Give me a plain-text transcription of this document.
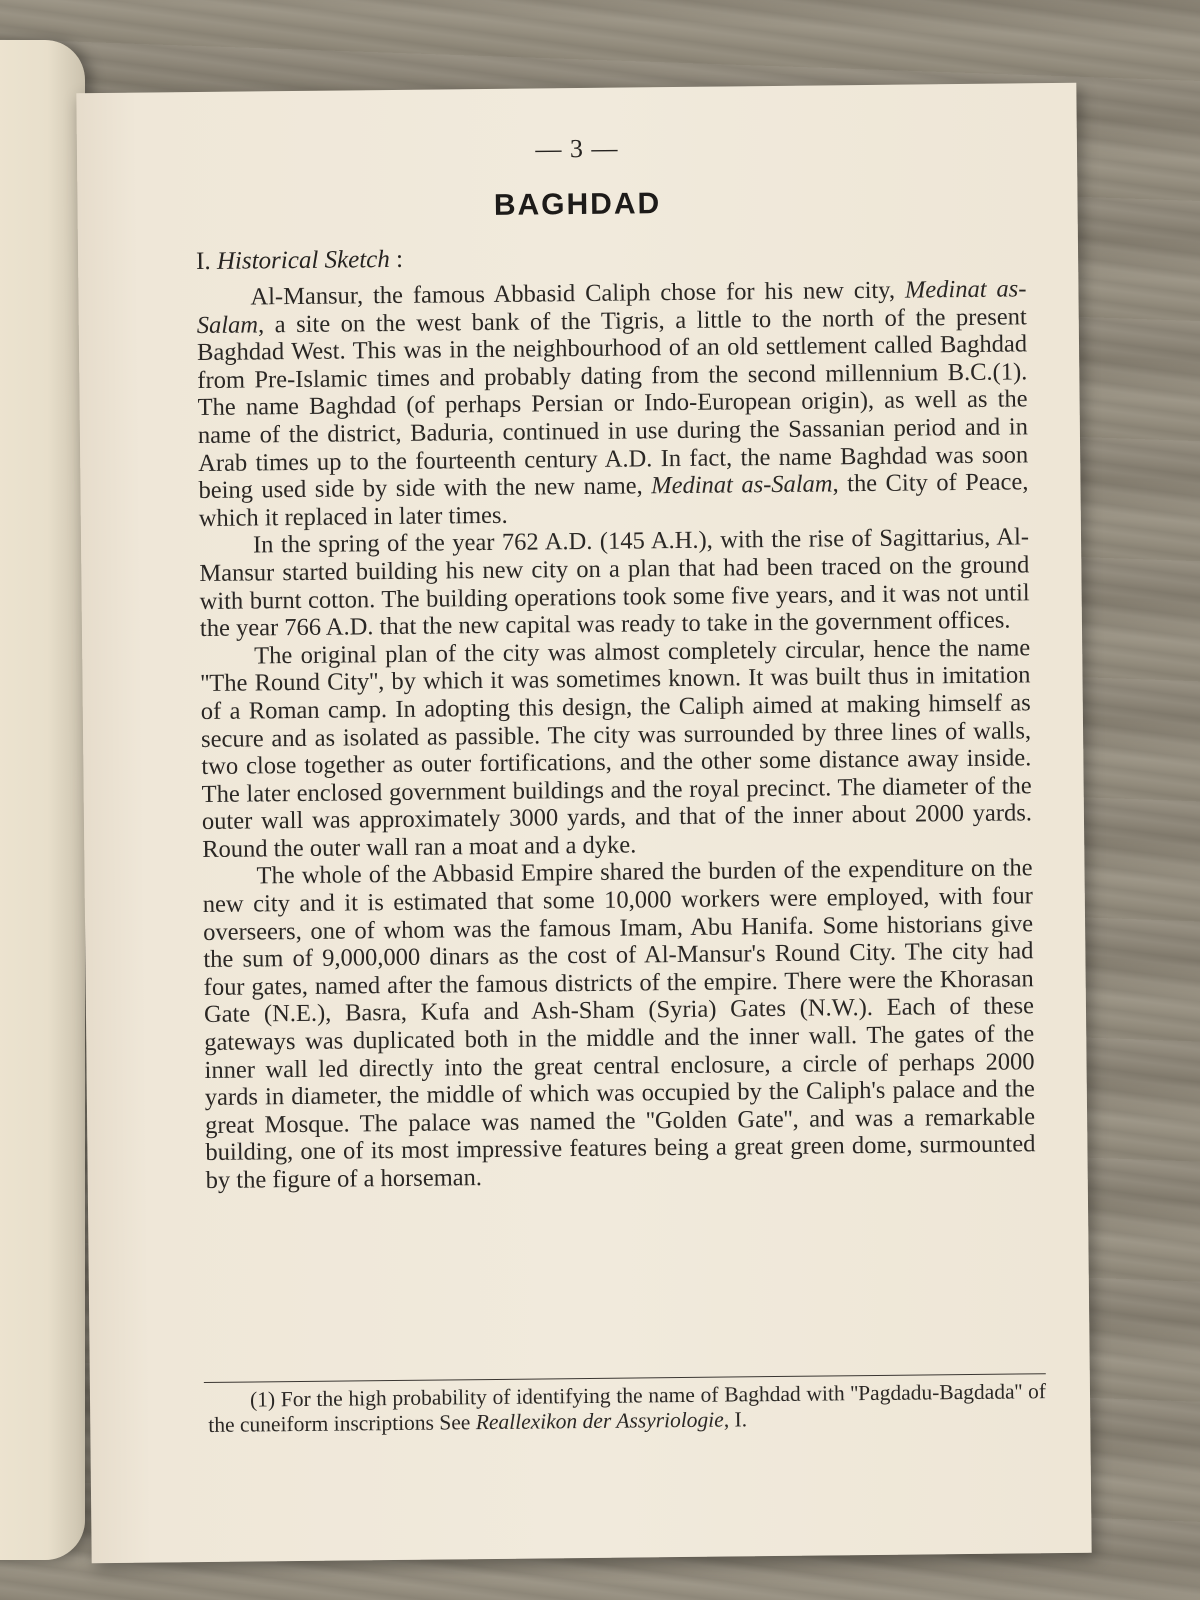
— 3 —
BAGHDAD
I. Historical Sketch :

Al-Mansur, the famous Abbasid Caliph chose for his new city, Medinat as-Salam, a site on the west bank of the Tigris, a little to the north of the present Baghdad West. This was in the neighbourhood of an old settlement called Baghdad from Pre-Islamic times and probably dating from the second millennium B.C.(1). The name Baghdad (of perhaps Persian or Indo-European origin), as well as the name of the district, Baduria, continued in use during the Sassanian period and in Arab times up to the fourteenth century A.D. In fact, the name Baghdad was soon being used side by side with the new name, Medinat as-Salam, the City of Peace, which it replaced in later times.

In the spring of the year 762 A.D. (145 A.H.), with the rise of Sagittarius, Al-Mansur started building his new city on a plan that had been traced on the ground with burnt cotton. The building operations took some five years, and it was not until the year 766 A.D. that the new capital was ready to take in the government offices.

The original plan of the city was almost completely circular, hence the name ''The Round City'', by which it was sometimes known. It was built thus in imitation of a Roman camp. In adopting this design, the Caliph aimed at making himself as secure and as isolated as passible. The city was surrounded by three lines of walls, two close together as outer fortifications, and the other some distance away inside. The later enclosed government buildings and the royal precinct. The diameter of the outer wall was approximately 3000 yards, and that of the inner about 2000 yards. Round the outer wall ran a moat and a dyke.

The whole of the Abbasid Empire shared the burden of the expenditure on the new city and it is estimated that some 10,000 workers were employed, with four overseers, one of whom was the famous Imam, Abu Hanifa. Some historians give the sum of 9,000,000 dinars as the cost of Al-Mansur's Round City. The city had four gates, named after the famous districts of the empire. There were the Khorasan Gate (N.E.), Basra, Kufa and Ash-Sham (Syria) Gates (N.W.). Each of these gateways was duplicated both in the middle and the inner wall. The gates of the inner wall led directly into the great central enclosure, a circle of perhaps 2000 yards in diameter, the middle of which was occupied by the Caliph's palace and the great Mosque. The palace was named the ''Golden Gate'', and was a remarkable building, one of its most impressive features being a great green dome, surmounted by the figure of a horseman.

(1) For the high probability of identifying the name of Baghdad with ''Pagdadu-Bagdada'' of the cuneiform inscriptions See Reallexikon der Assyriologie, I.
